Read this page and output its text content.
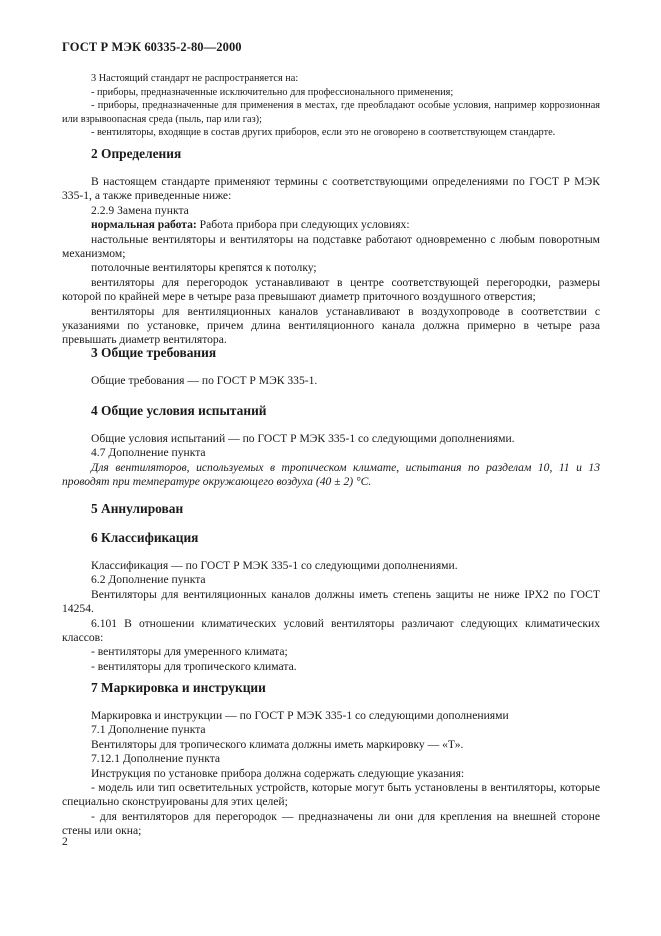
ГОСТ Р МЭК 60335-2-80—2000

3 Настоящий стандарт не распространяется на:

- приборы, предназначенные исключительно для профессионального применения;

- приборы, предназначенные для применения в местах, где преобладают особые условия, например коррозионная или взрывоопасная среда (пыль, пар или газ);

- вентиляторы, входящие в состав других приборов, если это не оговорено в соответствующем стандарте.

2 Определения

В настоящем стандарте применяют термины с соответствующими определениями по ГОСТ Р МЭК 335-1, а также приведенные ниже:

2.2.9 Замена пункта

нормальная работа: Работа прибора при следующих условиях:

настольные вентиляторы и вентиляторы на подставке работают одновременно с любым поворотным механизмом;

потолочные вентиляторы крепятся к потолку;

вентиляторы для перегородок устанавливают в центре соответствующей перегородки, размеры которой по крайней мере в четыре раза превышают диаметр приточного воздушного отверстия;

вентиляторы для вентиляционных каналов устанавливают в воздухопроводе в соответствии с указаниями по установке, причем длина вентиляционного канала должна примерно в четыре раза превышать диаметр вентилятора.

3 Общие требования

Общие требования — по ГОСТ Р МЭК 335-1.

4 Общие условия испытаний

Общие условия испытаний — по ГОСТ Р МЭК 335-1 со следующими дополнениями.

4.7 Дополнение пункта

Для вентиляторов, используемых в тропическом климате, испытания по разделам 10, 11 и 13 проводят при температуре окружающего воздуха (40 ± 2) °С.

5 Аннулирован
6 Классификация

Классификация — по ГОСТ Р МЭК 335-1 со следующими дополнениями.

6.2 Дополнение пункта

Вентиляторы для вентиляционных каналов должны иметь степень защиты не ниже IPX2 по ГОСТ 14254.

6.101 В отношении климатических условий вентиляторы различают следующих климатических классов:

- вентиляторы для умеренного климата;

- вентиляторы для тропического климата.

7 Маркировка и инструкции

Маркировка и инструкции — по ГОСТ Р МЭК 335-1 со следующими дополнениями

7.1 Дополнение пункта

Вентиляторы для тропического климата должны иметь маркировку — «Т».

7.12.1 Дополнение пункта

Инструкция по установке прибора должна содержать следующие указания:

- модель или тип осветительных устройств, которые могут быть установлены в вентиляторы, которые специально сконструированы для этих целей;

- для вентиляторов для перегородок — предназначены ли они для крепления на внешней стороне стены или окна;

2
